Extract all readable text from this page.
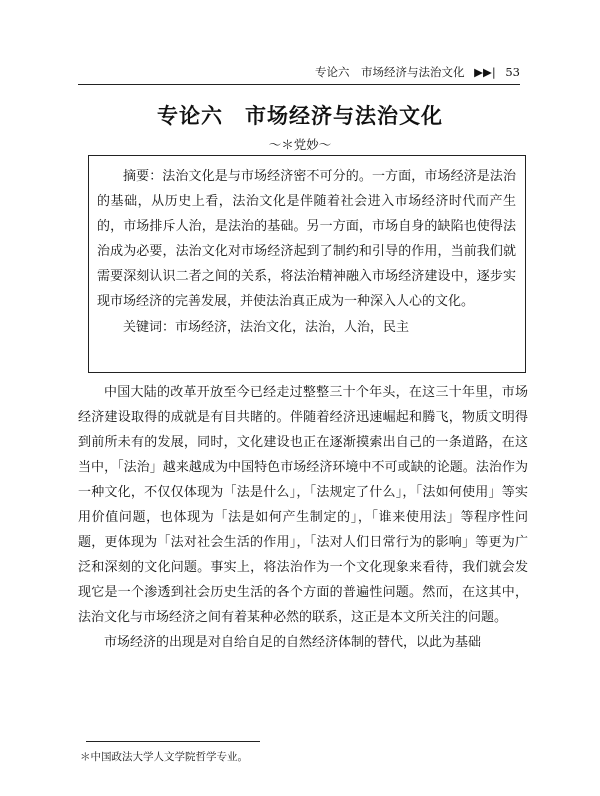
专论六　市场经济与法治文化 ▶▶| 53
专论六　市场经济与法治文化
～＊党妙～

摘要：法治文化是与市场经济密不可分的。一方面，市场经济是法治的基础，从历史上看，法治文化是伴随着社会进入市场经济时代而产生的，市场排斥人治，是法治的基础。另一方面，市场自身的缺陷也使得法治成为必要，法治文化对市场经济起到了制约和引导的作用，当前我们就需要深刻认识二者之间的关系，将法治精神融入市场经济建设中，逐步实现市场经济的完善发展，并使法治真正成为一种深入人心的文化。

关键词：市场经济，法治文化，法治，人治，民主

中国大陆的改革开放至今已经走过整整三十个年头，在这三十年里，市场经济建设取得的成就是有目共睹的。伴随着经济迅速崛起和腾飞，物质文明得到前所未有的发展，同时，文化建设也正在逐渐摸索出自己的一条道路，在这当中，「法治」越来越成为中国特色市场经济环境中不可或缺的论题。法治作为一种文化，不仅仅体现为「法是什么」，「法规定了什么」，「法如何使用」等实用价值问题，也体现为「法是如何产生制定的」，「谁来使用法」等程序性问题，更体现为「法对社会生活的作用」，「法对人们日常行为的影响」等更为广泛和深刻的文化问题。事实上，将法治作为一个文化现象来看待，我们就会发现它是一个渗透到社会历史生活的各个方面的普遍性问题。然而，在这其中，法治文化与市场经济之间有着某种必然的联系，这正是本文所关注的问题。

市场经济的出现是对自给自足的自然经济体制的替代，以此为基础

＊中国政法大学人文学院哲学专业。
